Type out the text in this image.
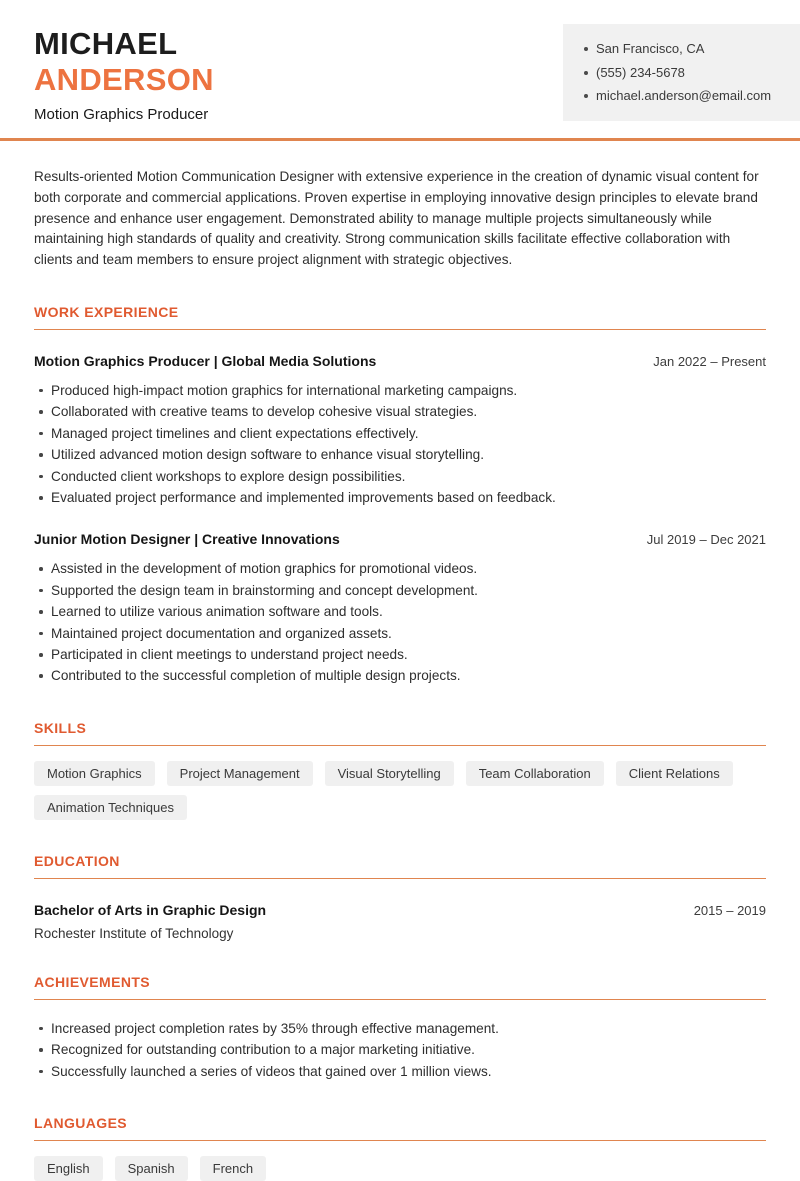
MICHAEL
ANDERSON
Motion Graphics Producer
San Francisco, CA
(555) 234-5678
michael.anderson@email.com

Results-oriented Motion Communication Designer with extensive experience in the creation of dynamic visual content for both corporate and commercial applications. Proven expertise in employing innovative design principles to elevate brand presence and enhance user engagement. Demonstrated ability to manage multiple projects simultaneously while maintaining high standards of quality and creativity. Strong communication skills facilitate effective collaboration with clients and team members to ensure project alignment with strategic objectives.

WORK EXPERIENCE
Motion Graphics Producer | Global Media Solutions	Jan 2022 – Present
Produced high-impact motion graphics for international marketing campaigns.
Collaborated with creative teams to develop cohesive visual strategies.
Managed project timelines and client expectations effectively.
Utilized advanced motion design software to enhance visual storytelling.
Conducted client workshops to explore design possibilities.
Evaluated project performance and implemented improvements based on feedback.
Junior Motion Designer | Creative Innovations	Jul 2019 – Dec 2021
Assisted in the development of motion graphics for promotional videos.
Supported the design team in brainstorming and concept development.
Learned to utilize various animation software and tools.
Maintained project documentation and organized assets.
Participated in client meetings to understand project needs.
Contributed to the successful completion of multiple design projects.
SKILLS
Motion Graphics	Project Management	Visual Storytelling	Team Collaboration	Client Relations
Animation Techniques
EDUCATION
Bachelor of Arts in Graphic Design	2015 – 2019
Rochester Institute of Technology
ACHIEVEMENTS
Increased project completion rates by 35% through effective management.
Recognized for outstanding contribution to a major marketing initiative.
Successfully launched a series of videos that gained over 1 million views.
LANGUAGES
English	Spanish	French
